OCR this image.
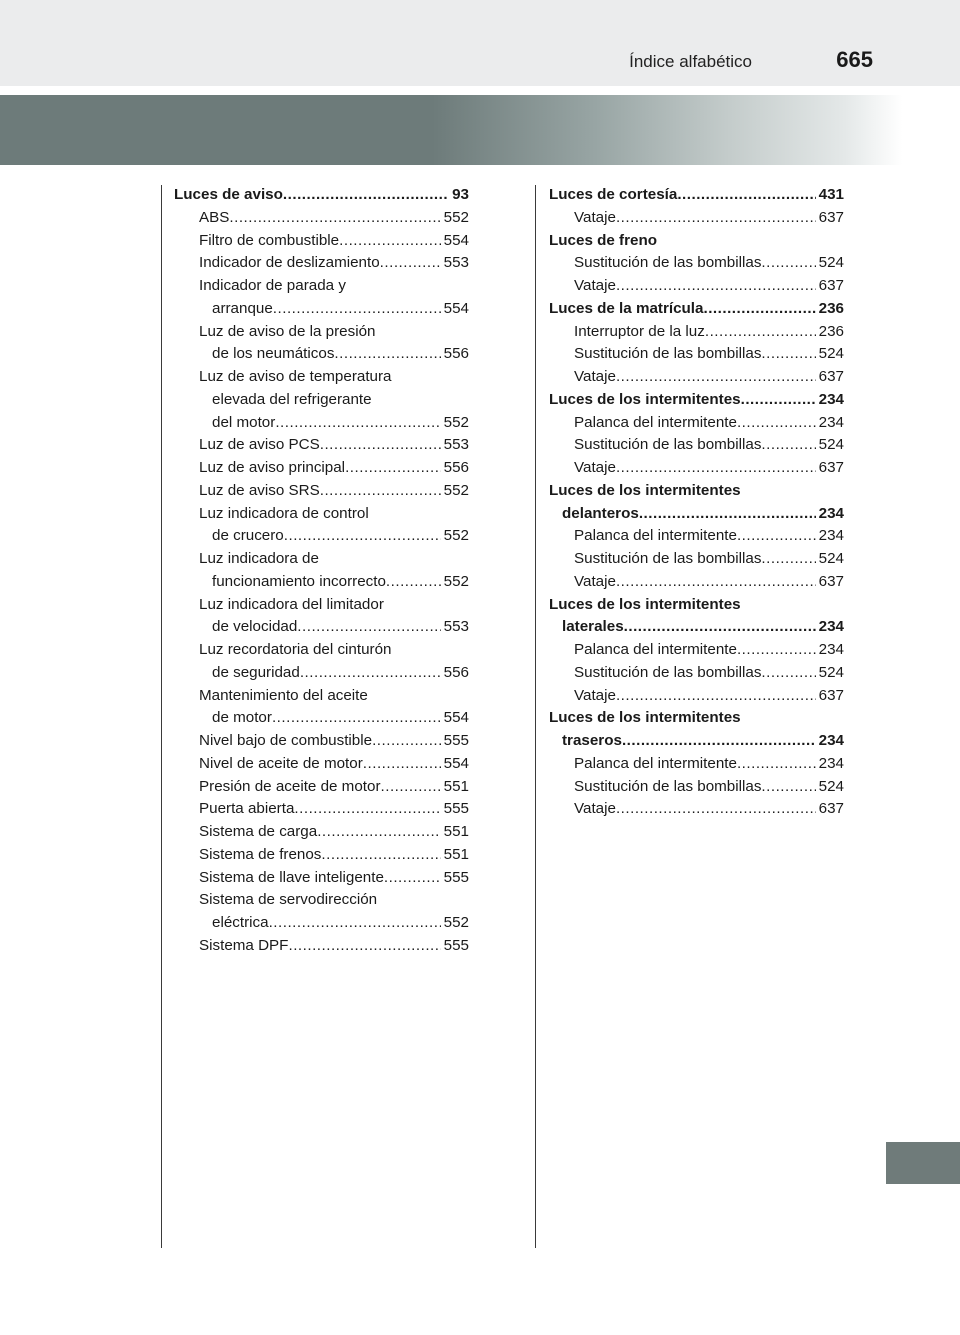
Índice alfabético	665
Luces de aviso .....	93
ABS .....	552
Filtro de combustible .....	554
Indicador de deslizamiento .....	553
Indicador de parada y
arranque .....	554
Luz de aviso de la presión
de los neumáticos .....	556
Luz de aviso de temperatura
elevada del refrigerante
del motor .....	552
Luz de aviso PCS .....	553
Luz de aviso principal .....	556
Luz de aviso SRS .....	552
Luz indicadora de control
de crucero .....	552
Luz indicadora de
funcionamiento incorrecto .....	552
Luz indicadora del limitador
de velocidad .....	553
Luz recordatoria del cinturón
de seguridad .....	556
Mantenimiento del aceite
de motor .....	554
Nivel bajo de combustible .....	555
Nivel de aceite de motor .....	554
Presión de aceite de motor .....	551
Puerta abierta .....	555
Sistema de carga .....	551
Sistema de frenos .....	551
Sistema de llave inteligente .....	555
Sistema de servodirección
eléctrica .....	552
Sistema DPF .....	555
Luces de cortesía .....	431
Vataje .....	637
Luces de freno
Sustitución de las bombillas .....	524
Vataje .....	637
Luces de la matrícula .....	236
Interruptor de la luz .....	236
Sustitución de las bombillas .....	524
Vataje .....	637
Luces de los intermitentes .....	234
Palanca del intermitente .....	234
Sustitución de las bombillas .....	524
Vataje .....	637
Luces de los intermitentes
delanteros .....	234
Palanca del intermitente .....	234
Sustitución de las bombillas .....	524
Vataje .....	637
Luces de los intermitentes
laterales .....	234
Palanca del intermitente .....	234
Sustitución de las bombillas .....	524
Vataje .....	637
Luces de los intermitentes
traseros .....	234
Palanca del intermitente .....	234
Sustitución de las bombillas .....	524
Vataje .....	637
